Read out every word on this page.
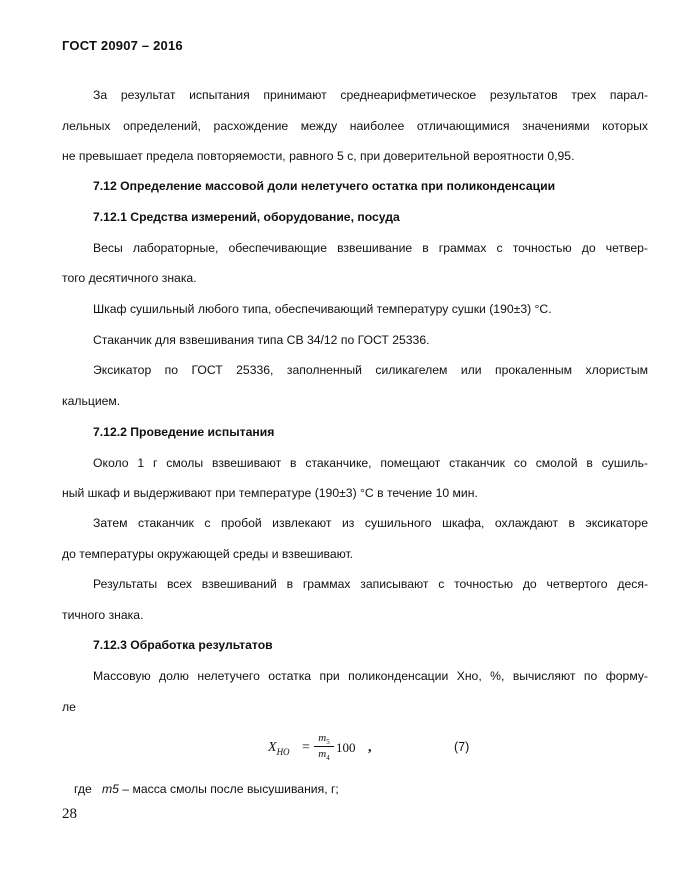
ГОСТ 20907 – 2016
За результат испытания принимают среднеарифметическое результатов трех парал-
лельных определений, расхождение между наиболее отличающимися значениями которых
не превышает предела повторяемости, равного 5 с, при доверительной вероятности 0,95.
7.12 Определение массовой доли нелетучего остатка при поликонденсации
7.12.1 Средства измерений, оборудование, посуда
Весы лабораторные, обеспечивающие взвешивание в граммах с точностью до четвер-
того десятичного знака.
Шкаф сушильный любого типа, обеспечивающий температуру сушки (190±3) °С.
Стаканчик для взвешивания типа СВ 34/12 по ГОСТ 25336.
Эксикатор по ГОСТ 25336, заполненный силикагелем или прокаленным хлористым
кальцием.
7.12.2 Проведение испытания
Около 1 г смолы взвешивают в стаканчике, помещают стаканчик со смолой в сушиль-
ный шкаф и выдерживают при температуре (190±3) °С в течение 10 мин.
Затем стаканчик с пробой извлекают из сушильного шкафа, охлаждают в эксикаторе
до температуры окружающей среды и взвешивают.
Результаты всех взвешиваний в граммах записывают с точностью до четвертого деся-
тичного знака.
7.12.3 Обработка результатов
Массовую долю нелетучего остатка при поликонденсации Хно, %, вычисляют по форму-
ле
$X_{НО}$ =
$m_5$
$m_4$
100 ,	(7)
где m5 – масса смолы после высушивания, г;
28
